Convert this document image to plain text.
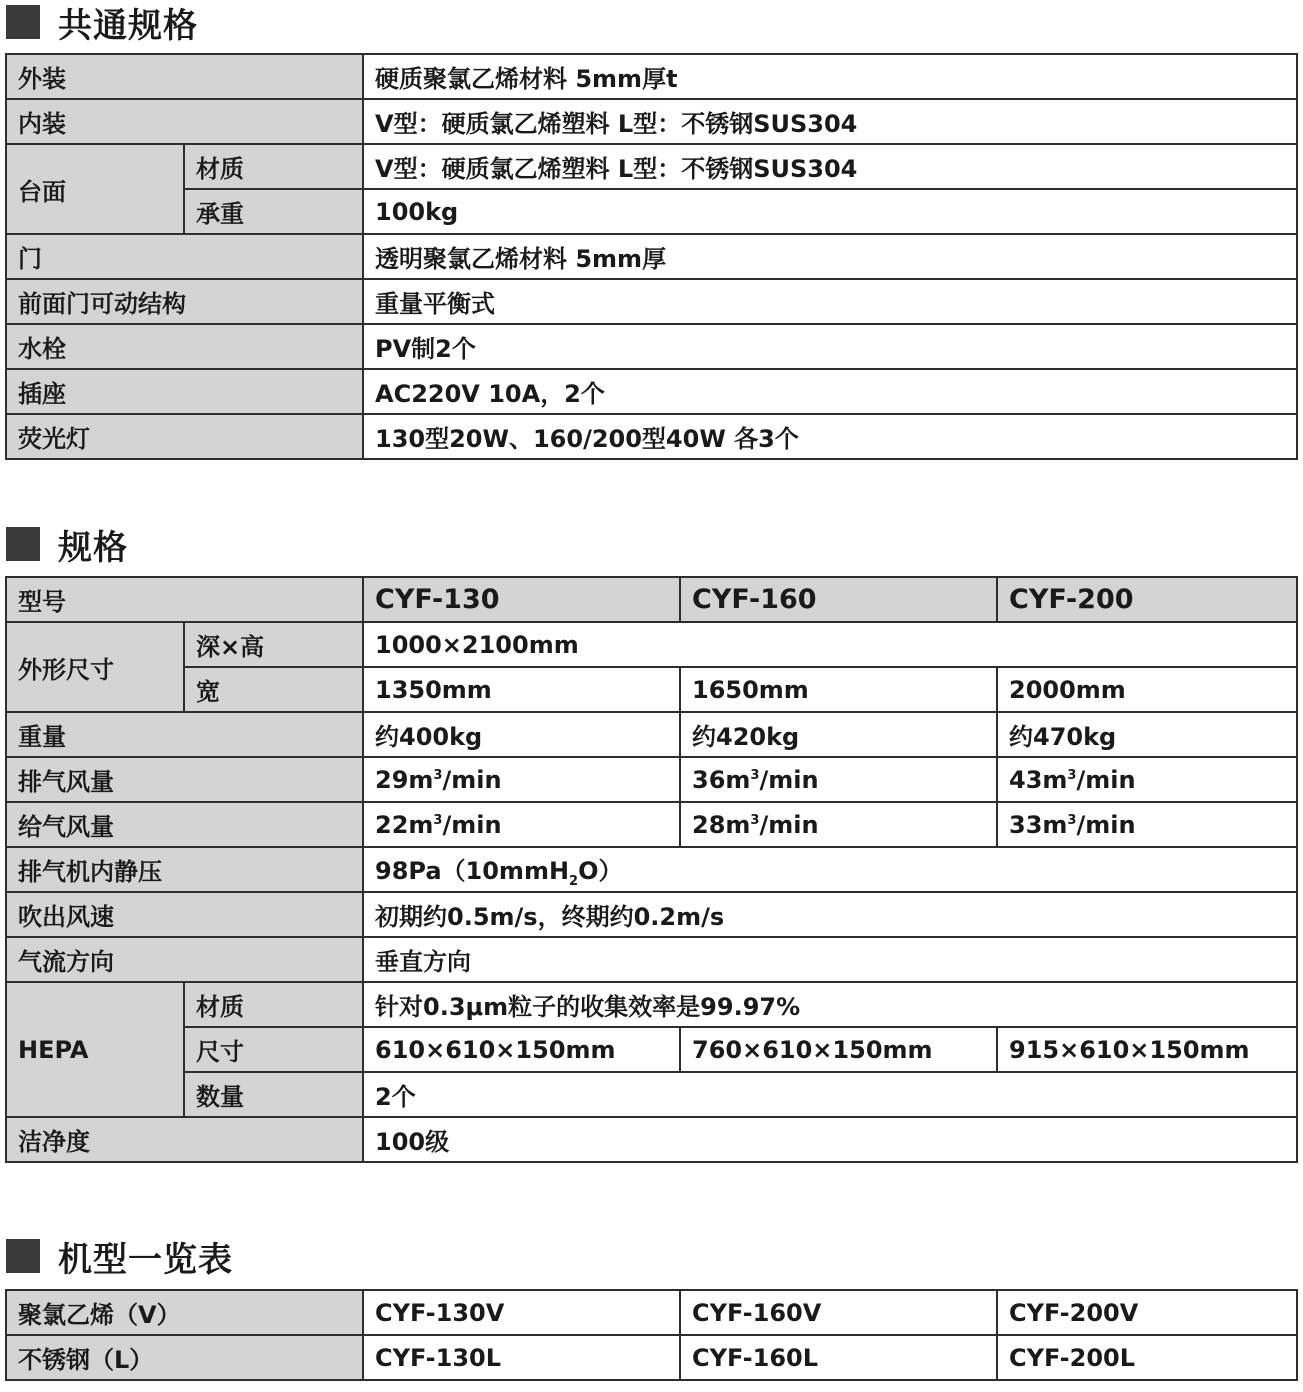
共通规格
外装		硬质聚氯乙烯材料 5mm厚t
内装		V型：硬质氯乙烯塑料 L型：不锈钢SUS304
台面	材质	V型：硬质氯乙烯塑料 L型：不锈钢SUS304
	承重	100kg
门		透明聚氯乙烯材料 5mm厚
前面门可动结构		重量平衡式
水栓		PV制2个
插座		AC220V 10A，2个
荧光灯		130型20W、160/200型40W 各3个
规格
型号		CYF-130	CYF-160	CYF-200
外形尺寸	深×高	1000×2100mm		
	宽	1350mm	1650mm	2000mm
重量		约400kg	约420kg	约470kg
排气风量		$29m^3/\min$	$36m^3/\min$	$43m^3/\min$
给气风量		$22m^3/\min$	$28m^3/\min$	$33m^3/\min$
排气机内静压		98Pa（10mmH$_2$O）		
吹出风速		初期约0.5m/s，终期约0.2m/s		
气流方向		垂直方向		
HEPA	材质	针对0.3μm粒子的收集效率是99.97%		
	尺寸	610×610×150mm	760×610×150mm	915×610×150mm
	数量	2个		
洁净度		100级		
机型一览表
聚氯乙烯（V）	CYF-130V	CYF-160V	CYF-200V
不锈钢（L）	CYF-130L	CYF-160L	CYF-200L
